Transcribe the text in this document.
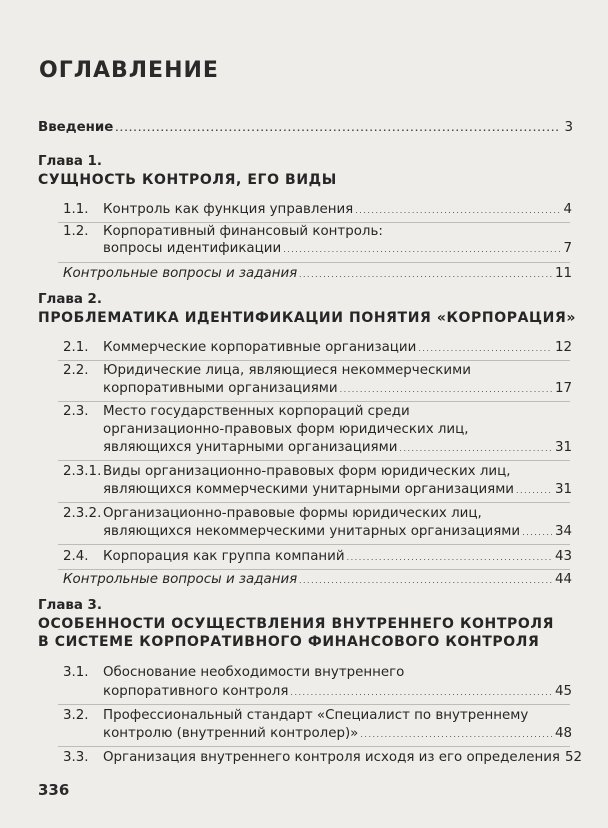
ОГЛАВЛЕНИЕ
Введение .....	3
Глава 1.
СУЩНОСТЬ КОНТРОЛЯ, ЕГО ВИДЫ
1.1.	Контроль как функция управления .....	4
1.2. Корпоративный финансовый контроль:
вопросы идентификации .....	7
Контрольные вопросы и задания .....	11
Глава 2.
ПРОБЛЕМАТИКА ИДЕНТИФИКАЦИИ ПОНЯТИЯ «КОРПОРАЦИЯ»
2.1.	Коммерческие корпоративные организации .....	12
2.2. Юридические лица, являющиеся некоммерческими
корпоративными организациями .....	17
2.3. Место государственных корпораций среди
организационно-правовых форм юридических лиц,
являющихся унитарными организациями .....	31
2.3.1. Виды организационно-правовых форм юридических лиц,
являющихся коммерческими унитарными организациями .....	31
2.3.2. Организационно-правовые формы юридических лиц,
являющихся некоммерческими унитарных организациями .....	34
2.4.	Корпорация как группа компаний .....	43
Контрольные вопросы и задания .....	44
Глава 3.
ОСОБЕННОСТИ ОСУЩЕСТВЛЕНИЯ ВНУТРЕННЕГО КОНТРОЛЯ
В СИСТЕМЕ КОРПОРАТИВНОГО ФИНАНСОВОГО КОНТРОЛЯ
3.1. Обоснование необходимости внутреннего
корпоративного контроля .....	45
3.2. Профессиональный стандарт «Специалист по внутреннему
контролю (внутренний контролер)» .....	48
3.3.	Организация внутреннего контроля исходя из его определения 52
336
